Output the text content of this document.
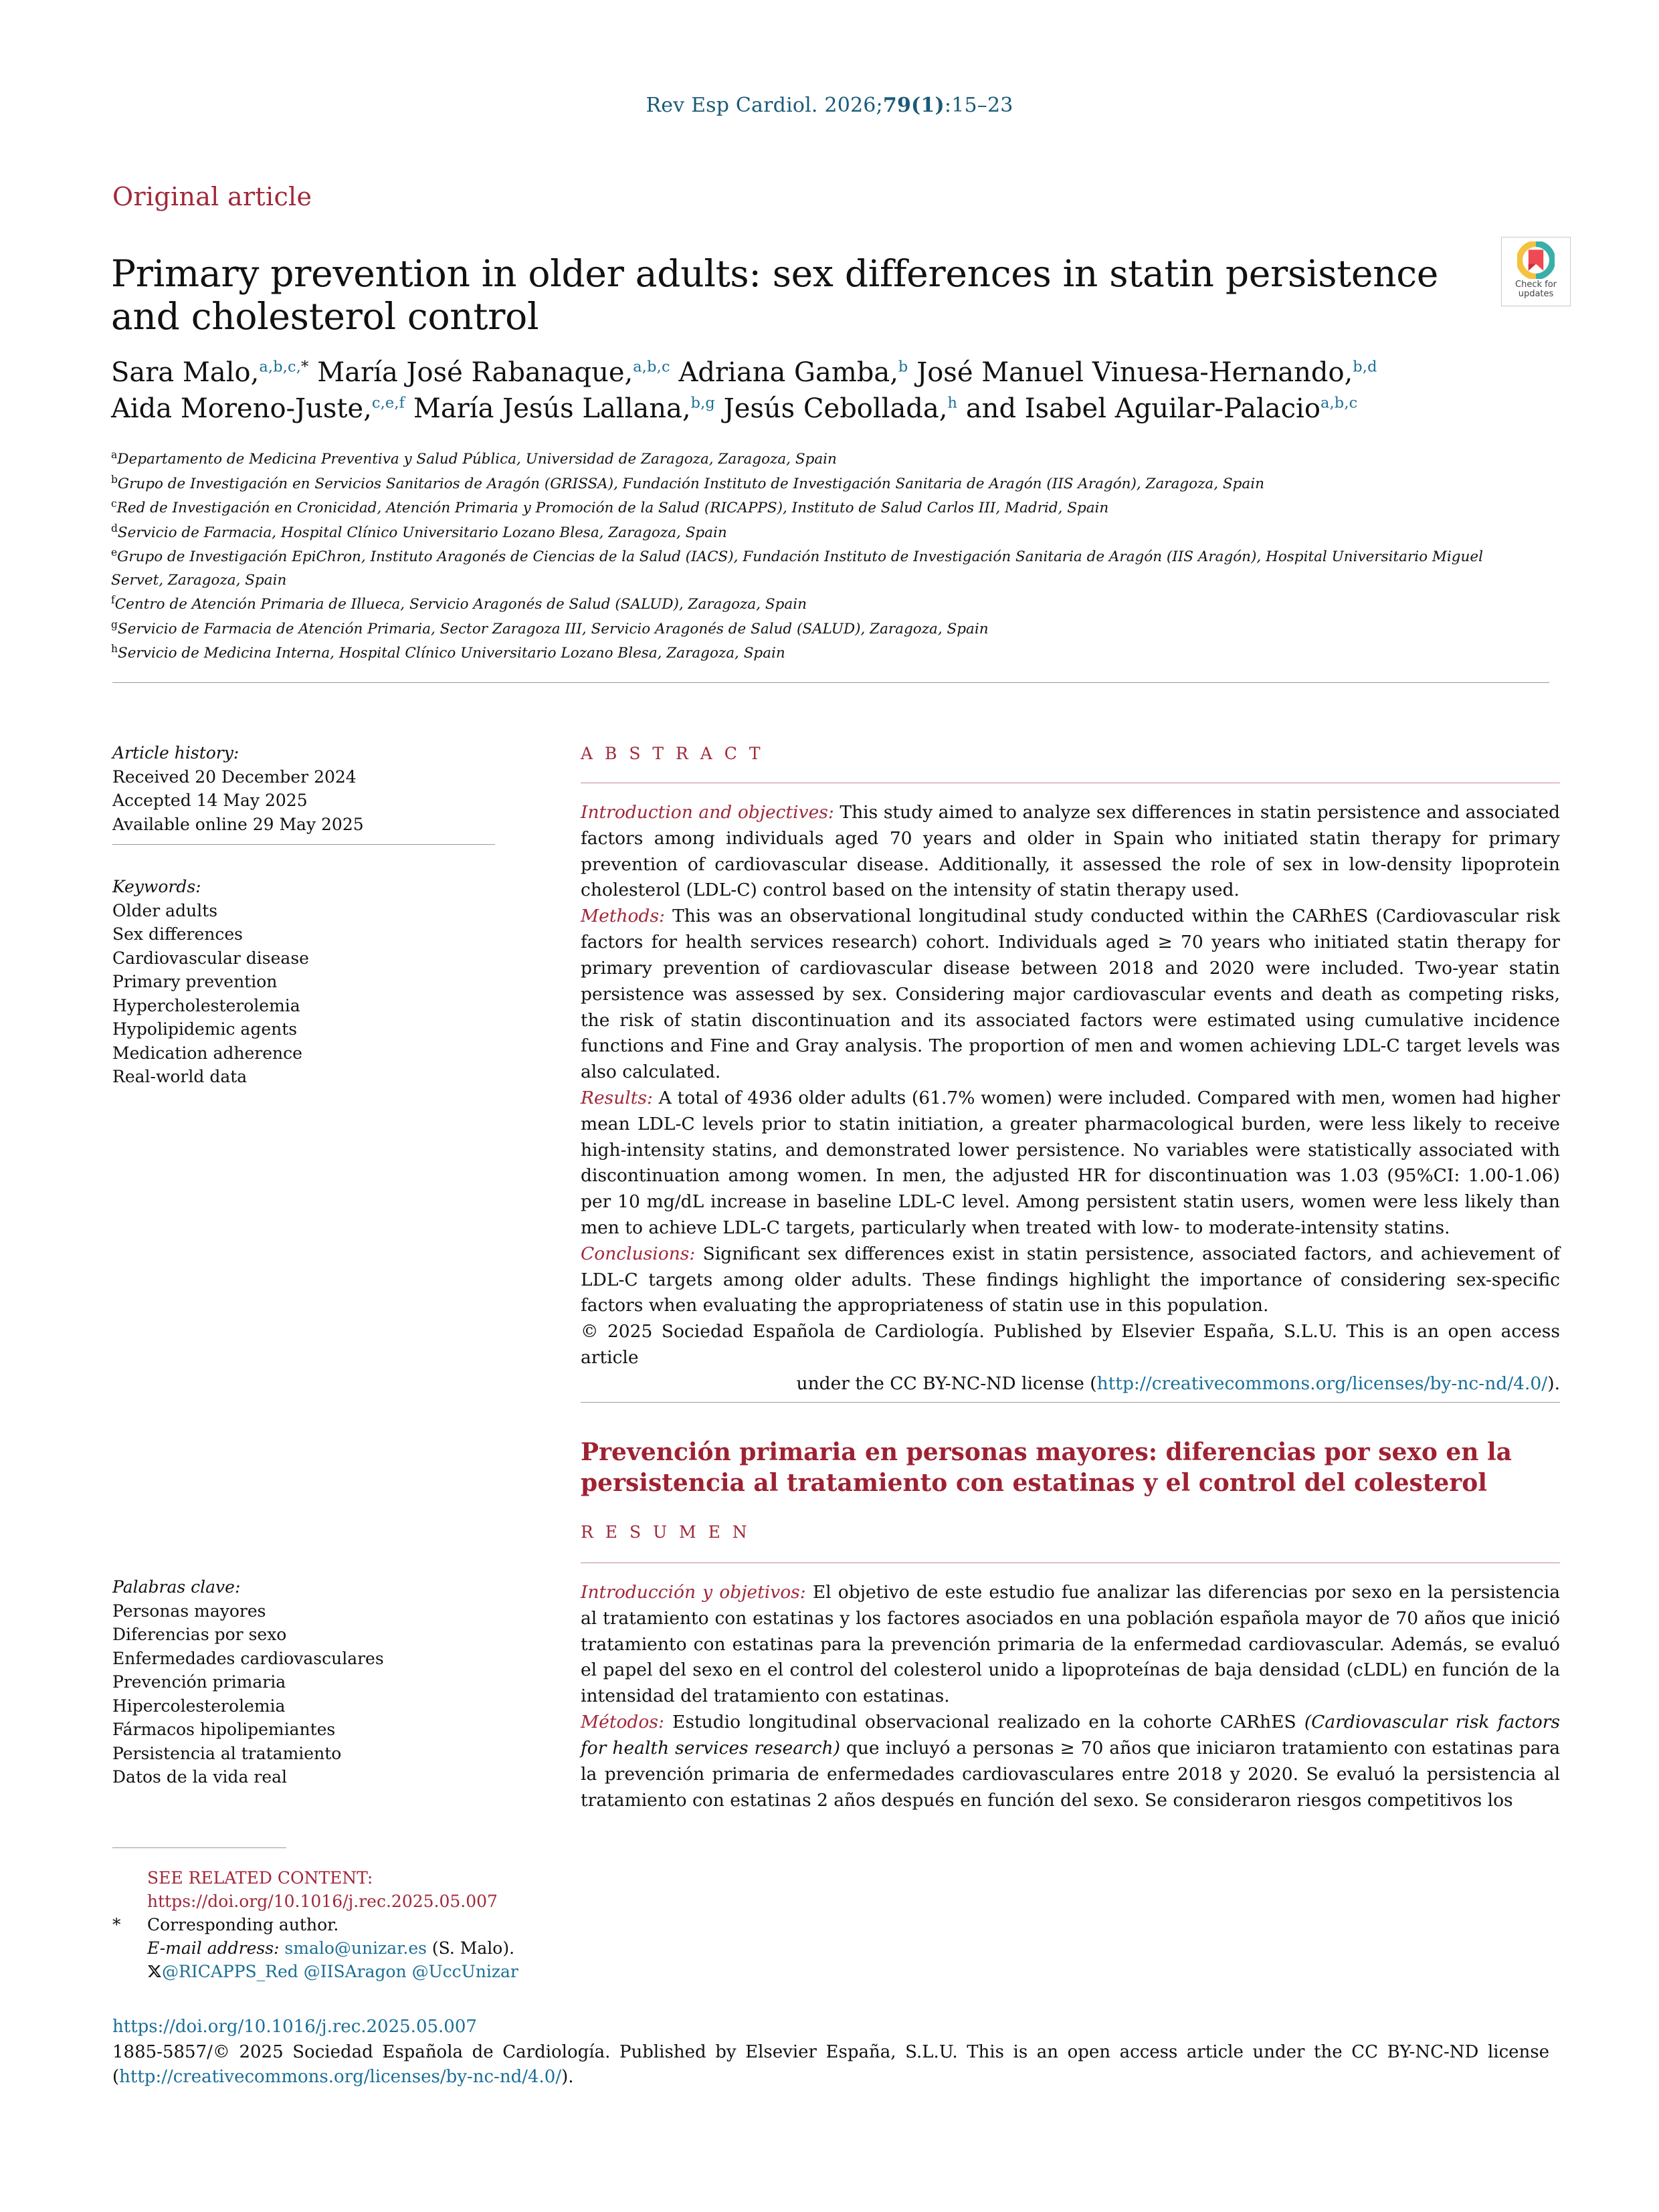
Rev Esp Cardiol. 2026;79(1):15–23
Original article
Primary prevention in older adults: sex differences in statin persistence and cholesterol control
Check for
updates
Sara Malo,$^{a,b,c,*}$ María José Rabanaque,$^{a,b,c}$ Adriana Gamba,$^b$ José Manuel Vinuesa-Hernando,$^{b,d}$
Aida Moreno-Juste,$^{c,e,f}$ María Jesús Lallana,$^{b,g}$ Jesús Cebollada,$^h$ and Isabel Aguilar-Palacio$^{a,b,c}$
$^a$Departamento de Medicina Preventiva y Salud Pública, Universidad de Zaragoza, Zaragoza, Spain
$^b$Grupo de Investigación en Servicios Sanitarios de Aragón (GRISSA), Fundación Instituto de Investigación Sanitaria de Aragón (IIS Aragón), Zaragoza, Spain
$^c$Red de Investigación en Cronicidad, Atención Primaria y Promoción de la Salud (RICAPPS), Instituto de Salud Carlos III, Madrid, Spain
$^d$Servicio de Farmacia, Hospital Clínico Universitario Lozano Blesa, Zaragoza, Spain
$^e$Grupo de Investigación EpiChron, Instituto Aragonés de Ciencias de la Salud (IACS), Fundación Instituto de Investigación Sanitaria de Aragón (IIS Aragón), Hospital Universitario Miguel Servet, Zaragoza, Spain
$^f$Centro de Atención Primaria de Illueca, Servicio Aragonés de Salud (SALUD), Zaragoza, Spain
$^g$Servicio de Farmacia de Atención Primaria, Sector Zaragoza III, Servicio Aragonés de Salud (SALUD), Zaragoza, Spain
$^h$Servicio de Medicina Interna, Hospital Clínico Universitario Lozano Blesa, Zaragoza, Spain
Article history:
Received 20 December 2024
Accepted 14 May 2025
Available online 29 May 2025
Keywords:
Older adults
Sex differences
Cardiovascular disease
Primary prevention
Hypercholesterolemia
Hypolipidemic agents
Medication adherence
Real-world data
Palabras clave:
Personas mayores
Diferencias por sexo
Enfermedades cardiovasculares
Prevención primaria
Hipercolesterolemia
Fármacos hipolipemiantes
Persistencia al tratamiento
Datos de la vida real
A B S T R A C T

Introduction and objectives: This study aimed to analyze sex differences in statin persistence and associated factors among individuals aged 70 years and older in Spain who initiated statin therapy for primary prevention of cardiovascular disease. Additionally, it assessed the role of sex in low-density lipoprotein cholesterol (LDL-C) control based on the intensity of statin therapy used.

Methods: This was an observational longitudinal study conducted within the CARhES (Cardiovascular risk factors for health services research) cohort. Individuals aged ≥ 70 years who initiated statin therapy for primary prevention of cardiovascular disease between 2018 and 2020 were included. Two-year statin persistence was assessed by sex. Considering major cardiovascular events and death as competing risks, the risk of statin discontinuation and its associated factors were estimated using cumulative incidence functions and Fine and Gray analysis. The proportion of men and women achieving LDL-C target levels was also calculated.

Results: A total of 4936 older adults (61.7% women) were included. Compared with men, women had higher mean LDL-C levels prior to statin initiation, a greater pharmacological burden, were less likely to receive high-intensity statins, and demonstrated lower persistence. No variables were statistically associated with discontinuation among women. In men, the adjusted HR for discontinuation was 1.03 (95%CI: 1.00-1.06) per 10 mg/dL increase in baseline LDL-C level. Among persistent statin users, women were less likely than men to achieve LDL-C targets, particularly when treated with low- to moderate-intensity statins.

Conclusions: Significant sex differences exist in statin persistence, associated factors, and achievement of LDL-C targets among older adults. These findings highlight the importance of considering sex-specific factors when evaluating the appropriateness of statin use in this population.

© 2025 Sociedad Española de Cardiología. Published by Elsevier España, S.L.U. This is an open access article
under the CC BY-NC-ND license (http://creativecommons.org/licenses/by-nc-nd/4.0/).
Prevención primaria en personas mayores: diferencias por sexo en la persistencia al tratamiento con estatinas y el control del colesterol
R E S U M E N

Introducción y objetivos: El objetivo de este estudio fue analizar las diferencias por sexo en la persistencia al tratamiento con estatinas y los factores asociados en una población española mayor de 70 años que inició tratamiento con estatinas para la prevención primaria de la enfermedad cardiovascular. Además, se evaluó el papel del sexo en el control del colesterol unido a lipoproteínas de baja densidad (cLDL) en función de la intensidad del tratamiento con estatinas.

Métodos: Estudio longitudinal observacional realizado en la cohorte CARhES (Cardiovascular risk factors for health services research) que incluyó a personas ≥ 70 años que iniciaron tratamiento con estatinas para la prevención primaria de enfermedades cardiovasculares entre 2018 y 2020. Se evaluó la persistencia al tratamiento con estatinas 2 años después en función del sexo. Se consideraron riesgos competitivos los

SEE RELATED CONTENT:
https://doi.org/10.1016/j.rec.2025.05.007
* Corresponding author.
E-mail address: smalo@unizar.es (S. Malo).
@RICAPPS_Red @IISAragon @UccUnizar
https://doi.org/10.1016/j.rec.2025.05.007
1885-5857/© 2025 Sociedad Española de Cardiología. Published by Elsevier España, S.L.U. This is an open access article under the CC BY-NC-ND license (http://creativecommons.org/licenses/by-nc-nd/4.0/).
